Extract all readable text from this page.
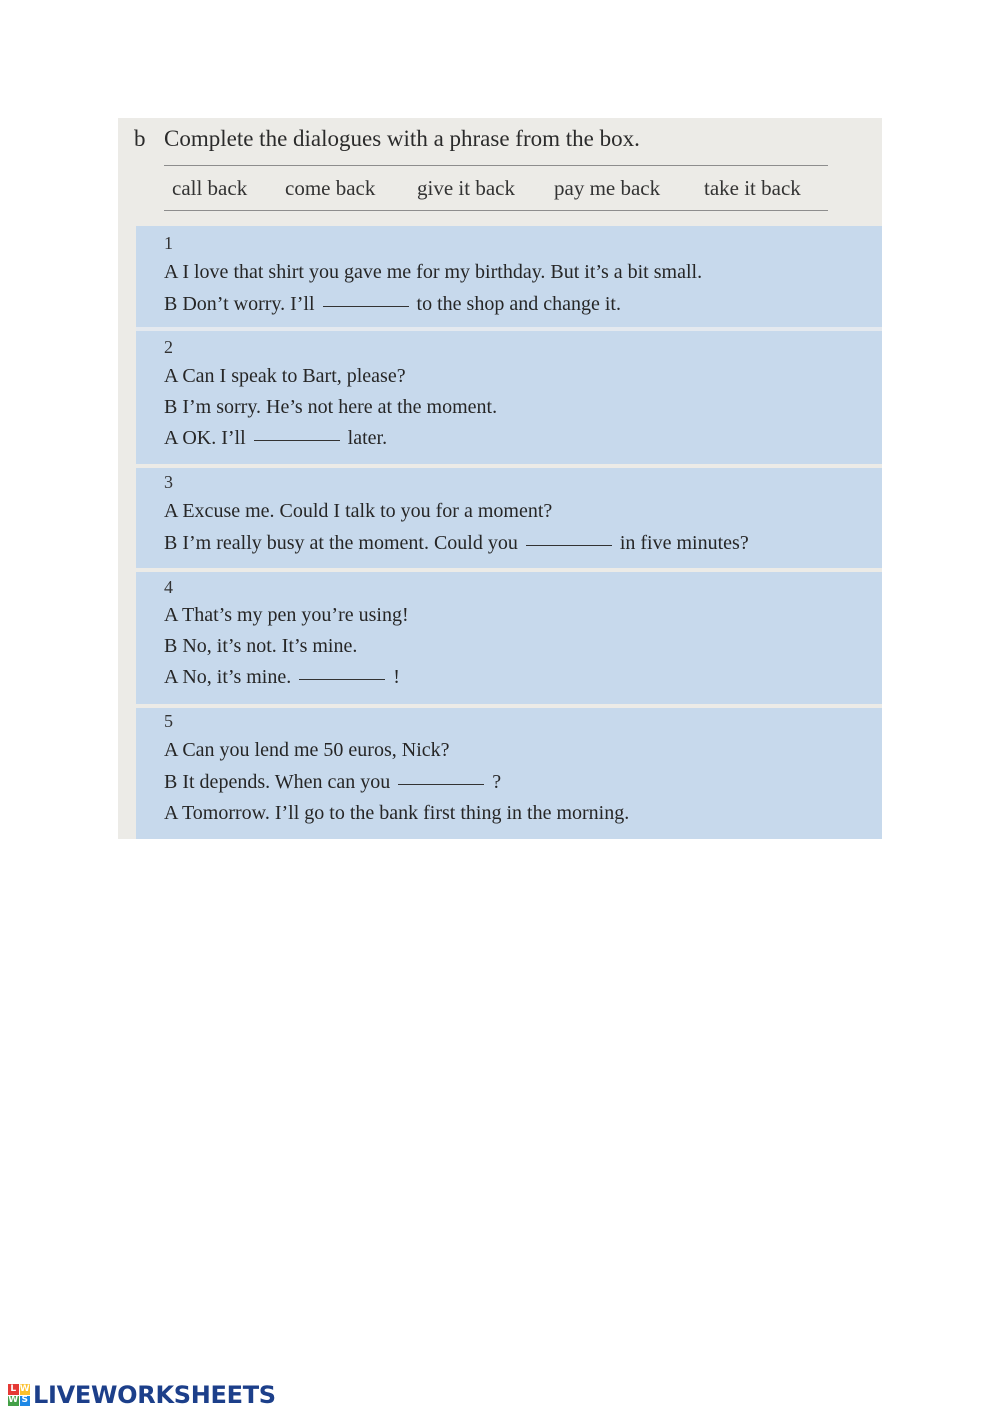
b Complete the dialogues with a phrase from the box.
call back come back give it back pay me back take it back
1
A I love that shirt you gave me for my birthday. But it’s a bit small.
B Don’t worry. I’ll	to the shop and change it.
2
A Can I speak to Bart, please?
B I’m sorry. He’s not here at the moment.
A OK. I’ll	later.
3
A Excuse me. Could I talk to you for a moment?
B I’m really busy at the moment. Could you	in five minutes?
4
A That’s my pen you’re using!
B No, it’s not. It’s mine.
A No, it’s mine.	!
5
A Can you lend me 50 euros, Nick?
B It depends. When can you	?
A Tomorrow. I’ll go to the bank first thing in the morning.
L W
W S LIVEWORKSHEETS
